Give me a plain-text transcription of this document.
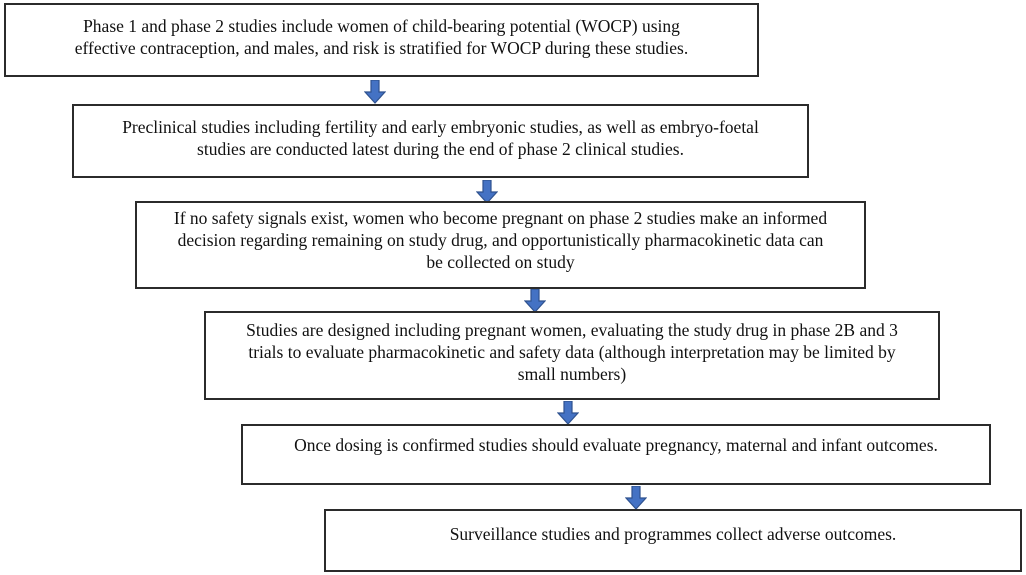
Phase 1 and phase 2 studies include women of child-bearing potential (WOCP) using
effective contraception, and males, and risk is stratified for WOCP during these studies.
Preclinical studies including fertility and early embryonic studies, as well as embryo-foetal
studies are conducted latest during the end of phase 2 clinical studies.
If no safety signals exist, women who become pregnant on phase 2 studies make an informed
decision regarding remaining on study drug, and opportunistically pharmacokinetic data can
be collected on study
Studies are designed including pregnant women, evaluating the study drug in phase 2B and 3
trials to evaluate pharmacokinetic and safety data (although interpretation may be limited by
small numbers)
Once dosing is confirmed studies should evaluate pregnancy, maternal and infant outcomes.
Surveillance studies and programmes collect adverse outcomes.
